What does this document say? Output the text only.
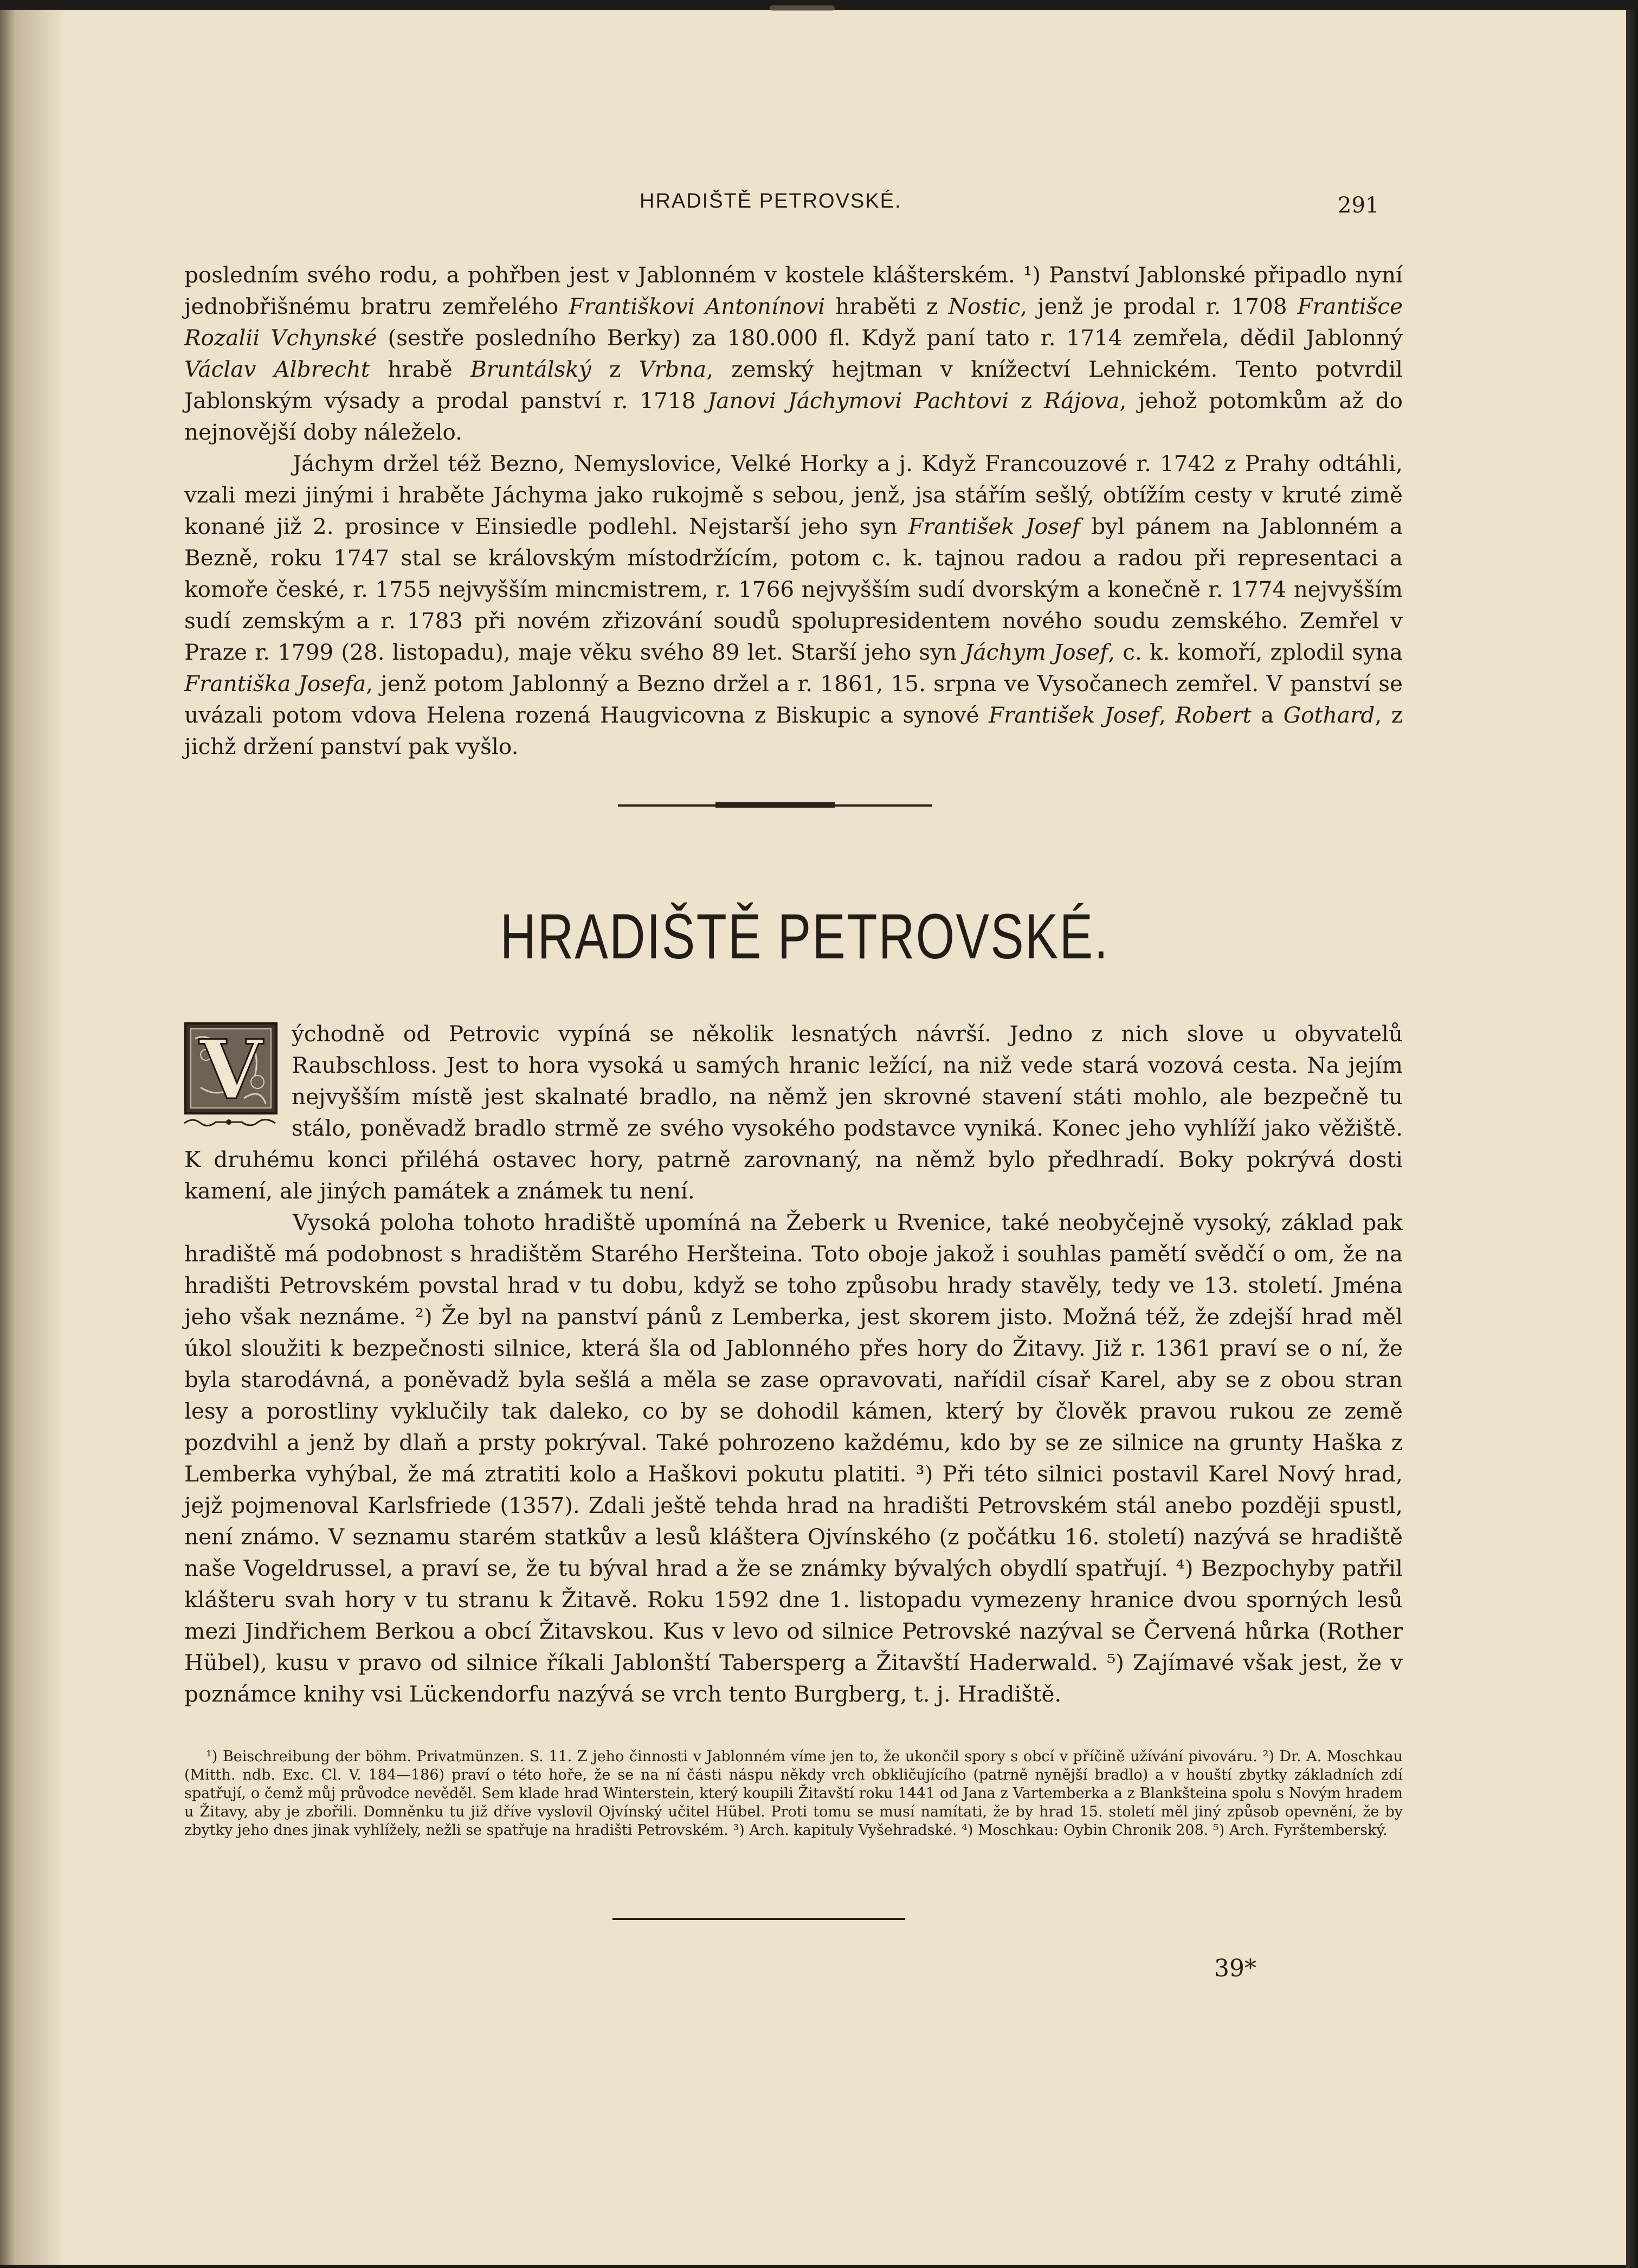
HRADIŠTĚ PETROVSKÉ.	291

posledním svého rodu, a pohřben jest v Jablonném v kostele klášterském. ¹) Panství Jablonské připadlo nyní jednobřišnému bratru zemřelého Františkovi Antonínovi hraběti z Nostic, jenž je prodal r. 1708 Františce Rozalii Vchynské (sestře posledního Berky) za 180.000 fl. Když paní tato r. 1714 zemřela, dědil Jablonný Václav Albrecht hrabě Bruntálský z Vrbna, zemský hejtman v knížectví Lehnickém. Tento potvrdil Jablonským výsady a prodal panství r. 1718 Janovi Jáchymovi Pachtovi z Rájova, jehož potomkům až do nejnovější doby náleželo.

Jáchym držel též Bezno, Nemyslovice, Velké Horky a j. Když Francouzové r. 1742 z Prahy odtáhli, vzali mezi jinými i hraběte Jáchyma jako rukojmě s sebou, jenž, jsa stářím sešlý, obtížím cesty v kruté zimě konané již 2. prosince v Einsiedle podlehl. Nejstarší jeho syn František Josef byl pánem na Jablonném a Bezně, roku 1747 stal se královským místodržícím, potom c. k. tajnou radou a radou při representaci a komoře české, r. 1755 nejvyšším mincmistrem, r. 1766 nejvyšším sudí dvorským a konečně r. 1774 nejvyšším sudí zemským a r. 1783 při novém zřizování soudů spolupresidentem nového soudu zemského. Zemřel v Praze r. 1799 (28. listopadu), maje věku svého 89 let. Starší jeho syn Jáchym Josef, c. k. komoří, zplodil syna Františka Josefa, jenž potom Jablonný a Bezno držel a r. 1861, 15. srpna ve Vysočanech zemřel. V panství se uvázali potom vdova Helena rozená Haugvicovna z Biskupic a synové František Josef, Robert a Gothard, z jichž držení panství pak vyšlo.

HRADIŠTĚ PETROVSKÉ.

V ýchodně od Petrovic vypíná se několik lesnatých návrší. Jedno z nich slove u obyvatelů Raubschloss. Jest to hora vysoká u samých hranic ležící, na niž vede stará vozová cesta. Na jejím nejvyšším místě jest skalnaté bradlo, na němž jen skrovné stavení státi mohlo, ale bezpečně tu stálo, poněvadž bradlo strmě ze svého vysokého podstavce vyniká. Konec jeho vyhlíží jako věžiště. K druhému konci přiléhá ostavec hory, patrně zarovnaný, na němž bylo předhradí. Boky pokrývá dosti kamení, ale jiných památek a známek tu není.

Vysoká poloha tohoto hradiště upomíná na Žeberk u Rvenice, také neobyčejně vysoký, základ pak hradiště má podobnost s hradištěm Starého Heršteina. Toto oboje jakož i souhlas pamětí svědčí o om, že na hradišti Petrovském povstal hrad v tu dobu, když se toho způsobu hrady stavěly, tedy ve 13. století. Jména jeho však neznáme. ²) Že byl na panství pánů z Lemberka, jest skorem jisto. Možná též, že zdejší hrad měl úkol sloužiti k bezpečnosti silnice, která šla od Jablonného přes hory do Žitavy. Již r. 1361 praví se o ní, že byla starodávná, a poněvadž byla sešlá a měla se zase opravovati, nařídil císař Karel, aby se z obou stran lesy a porostliny vyklučily tak daleko, co by se dohodil kámen, který by člověk pravou rukou ze země pozdvihl a jenž by dlaň a prsty pokrýval. Také pohrozeno každému, kdo by se ze silnice na grunty Haška z Lemberka vyhýbal, že má ztratiti kolo a Haškovi pokutu platiti. ³) Při této silnici postavil Karel Nový hrad, jejž pojmenoval Karlsfriede (1357). Zdali ještě tehda hrad na hradišti Petrovském stál anebo později spustl, není známo. V seznamu starém statkův a lesů kláštera Ojvínského (z počátku 16. století) nazývá se hradiště naše Vogeldrussel, a praví se, že tu býval hrad a že se známky bývalých obydlí spatřují. ⁴) Bezpochyby patřil klášteru svah hory v tu stranu k Žitavě. Roku 1592 dne 1. listopadu vymezeny hranice dvou sporných lesů mezi Jindřichem Berkou a obcí Žitavskou. Kus v levo od silnice Petrovské nazýval se Červená hůrka (Rother Hübel), kusu v pravo od silnice říkali Jablonští Tabersperg a Žitavští Haderwald. ⁵) Zajímavé však jest, že v poznámce knihy vsi Lückendorfu nazývá se vrch tento Burgberg, t. j. Hradiště.

¹) Beischreibung der böhm. Privatmünzen. S. 11. Z jeho činnosti v Jablonném víme jen to, že ukončil spory s obcí v příčině užívání pivováru. ²) Dr. A. Moschkau (Mitth. ndb. Exc. Cl. V. 184—186) praví o této hoře, že se na ní části náspu někdy vrch obkličujícího (patrně nynější bradlo) a v houští zbytky základních zdí spatřují, o čemž můj průvodce nevěděl. Sem klade hrad Winterstein, který koupili Žitavští roku 1441 od Jana z Vartemberka a z Blankšteina spolu s Novým hradem u Žitavy, aby je zbořili. Domněnku tu již dříve vyslovil Ojvínský učitel Hübel. Proti tomu se musí namítati, že by hrad 15. století měl jiný způsob opevnění, že by zbytky jeho dnes jinak vyhlížely, nežli se spatřuje na hradišti Petrovském. ³) Arch. kapituly Vyšehradské. ⁴) Moschkau: Oybin Chronik 208. ⁵) Arch. Fyrštemberský.

39*
